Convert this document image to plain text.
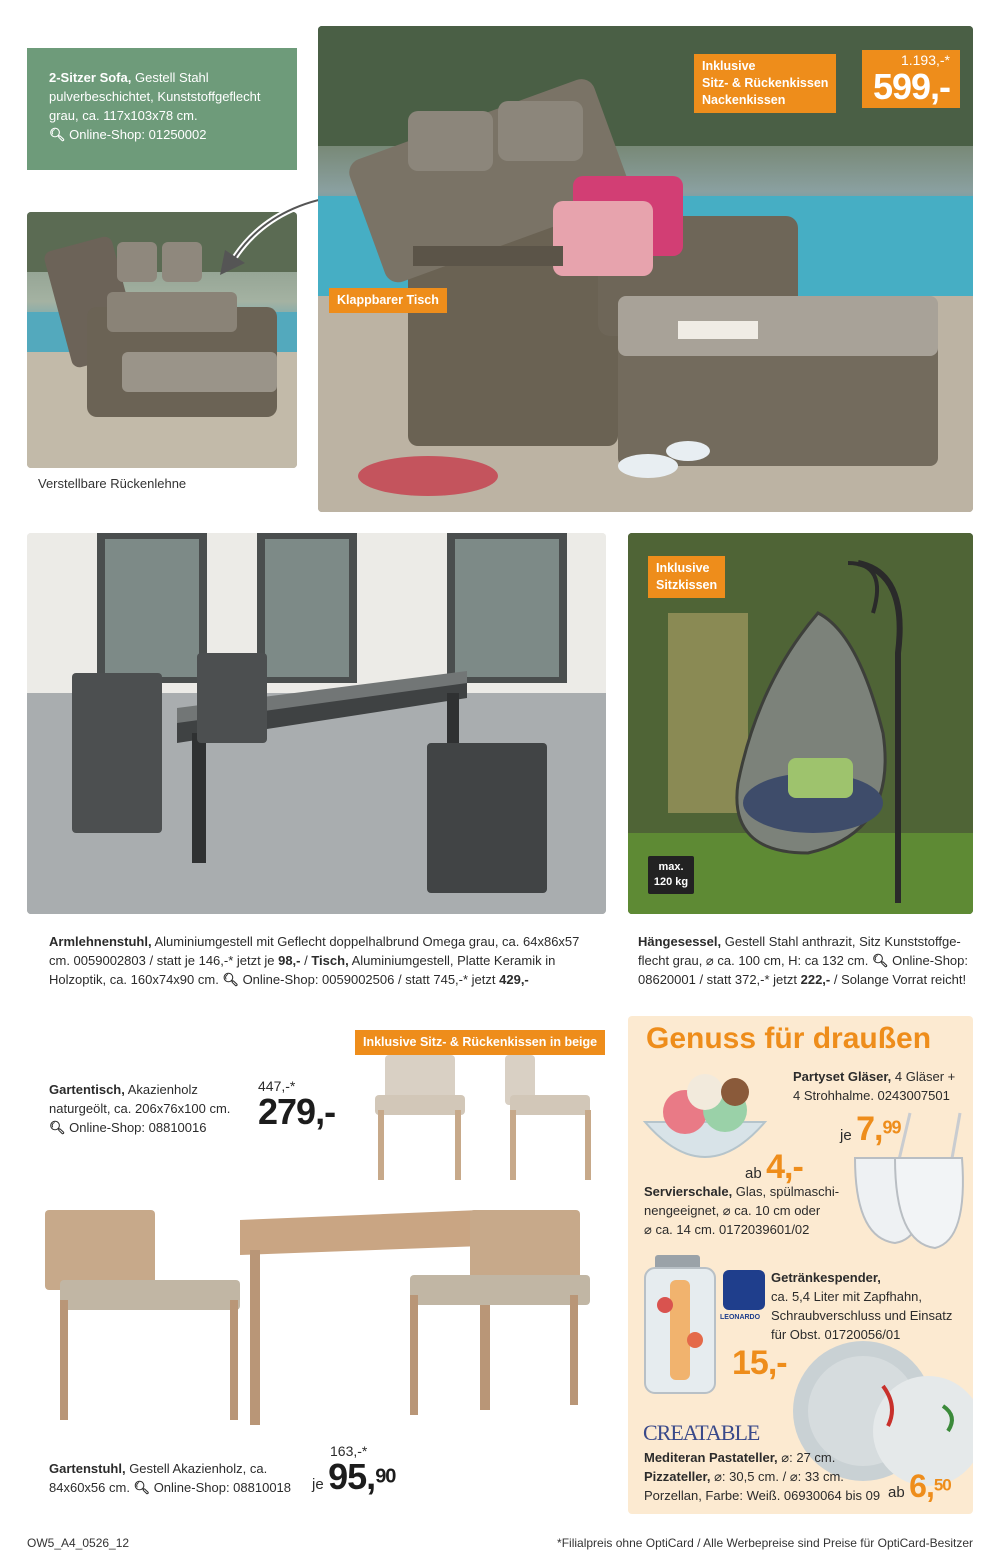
2-Sitzer Sofa, Gestell Stahl
pulverbeschichtet, Kunststoffgeflecht
grau, ca. 117x103x78 cm.
🔍︎ Online-Shop: 01250002
Verstellbare Rückenlehne
Inklusive
Sitz- & Rückenkissen
Nackenkissen
1.193,-*
599,-
Klappbarer Tisch
Inklusive
Sitzkissen
max.
120 kg
Armlehnenstuhl, Aluminiumgestell mit Geflecht doppelhalbrund Omega grau, ca. 64x86x57
cm. 0059002803 / statt je 146,-* jetzt je 98,- / Tisch, Aluminiumgestell, Platte Keramik in
Holzoptik, ca. 160x74x90 cm. 🔍︎ Online-Shop: 0059002506 / statt 745,-* jetzt 429,-
Hängesessel, Gestell Stahl anthrazit, Sitz Kunststoffge-
flecht grau, ⌀ ca. 100 cm, H: ca 132 cm. 🔍︎ Online-Shop:
08620001 / statt 372,-* jetzt 222,- / Solange Vorrat reicht!
Inklusive Sitz- & Rückenkissen in beige
Gartentisch, Akazienholz
naturgeölt, ca. 206x76x100 cm.
🔍︎ Online-Shop: 08810016
447,-*
279,-
Gartenstuhl, Gestell Akazienholz, ca.
84x60x56 cm. 🔍︎ Online-Shop: 08810018
163,-*
je 95,90
Genuss für draußen
Partyset Gläser, 4 Gläser +
4 Strohhalme. 0243007501
je 7,99
ab 4,-
Servierschale, Glas, spülmaschi-
nengeeignet, ⌀ ca. 10 cm oder
⌀ ca. 14 cm. 0172039601/02
LEONARDO
Getränkespender,
ca. 5,4 Liter mit Zapfhahn,
Schraubverschluss und Einsatz
für Obst. 01720056/01
15,-
CREATABLE
Mediteran Pastateller, ⌀: 27 cm.
Pizzateller, ⌀: 30,5 cm. / ⌀: 33 cm.
Porzellan, Farbe: Weiß. 06930064 bis 09 ab 6,50
OW5_A4_0526_12	*Filialpreis ohne OptiCard / Alle Werbepreise sind Preise für OptiCard-Besitzer
